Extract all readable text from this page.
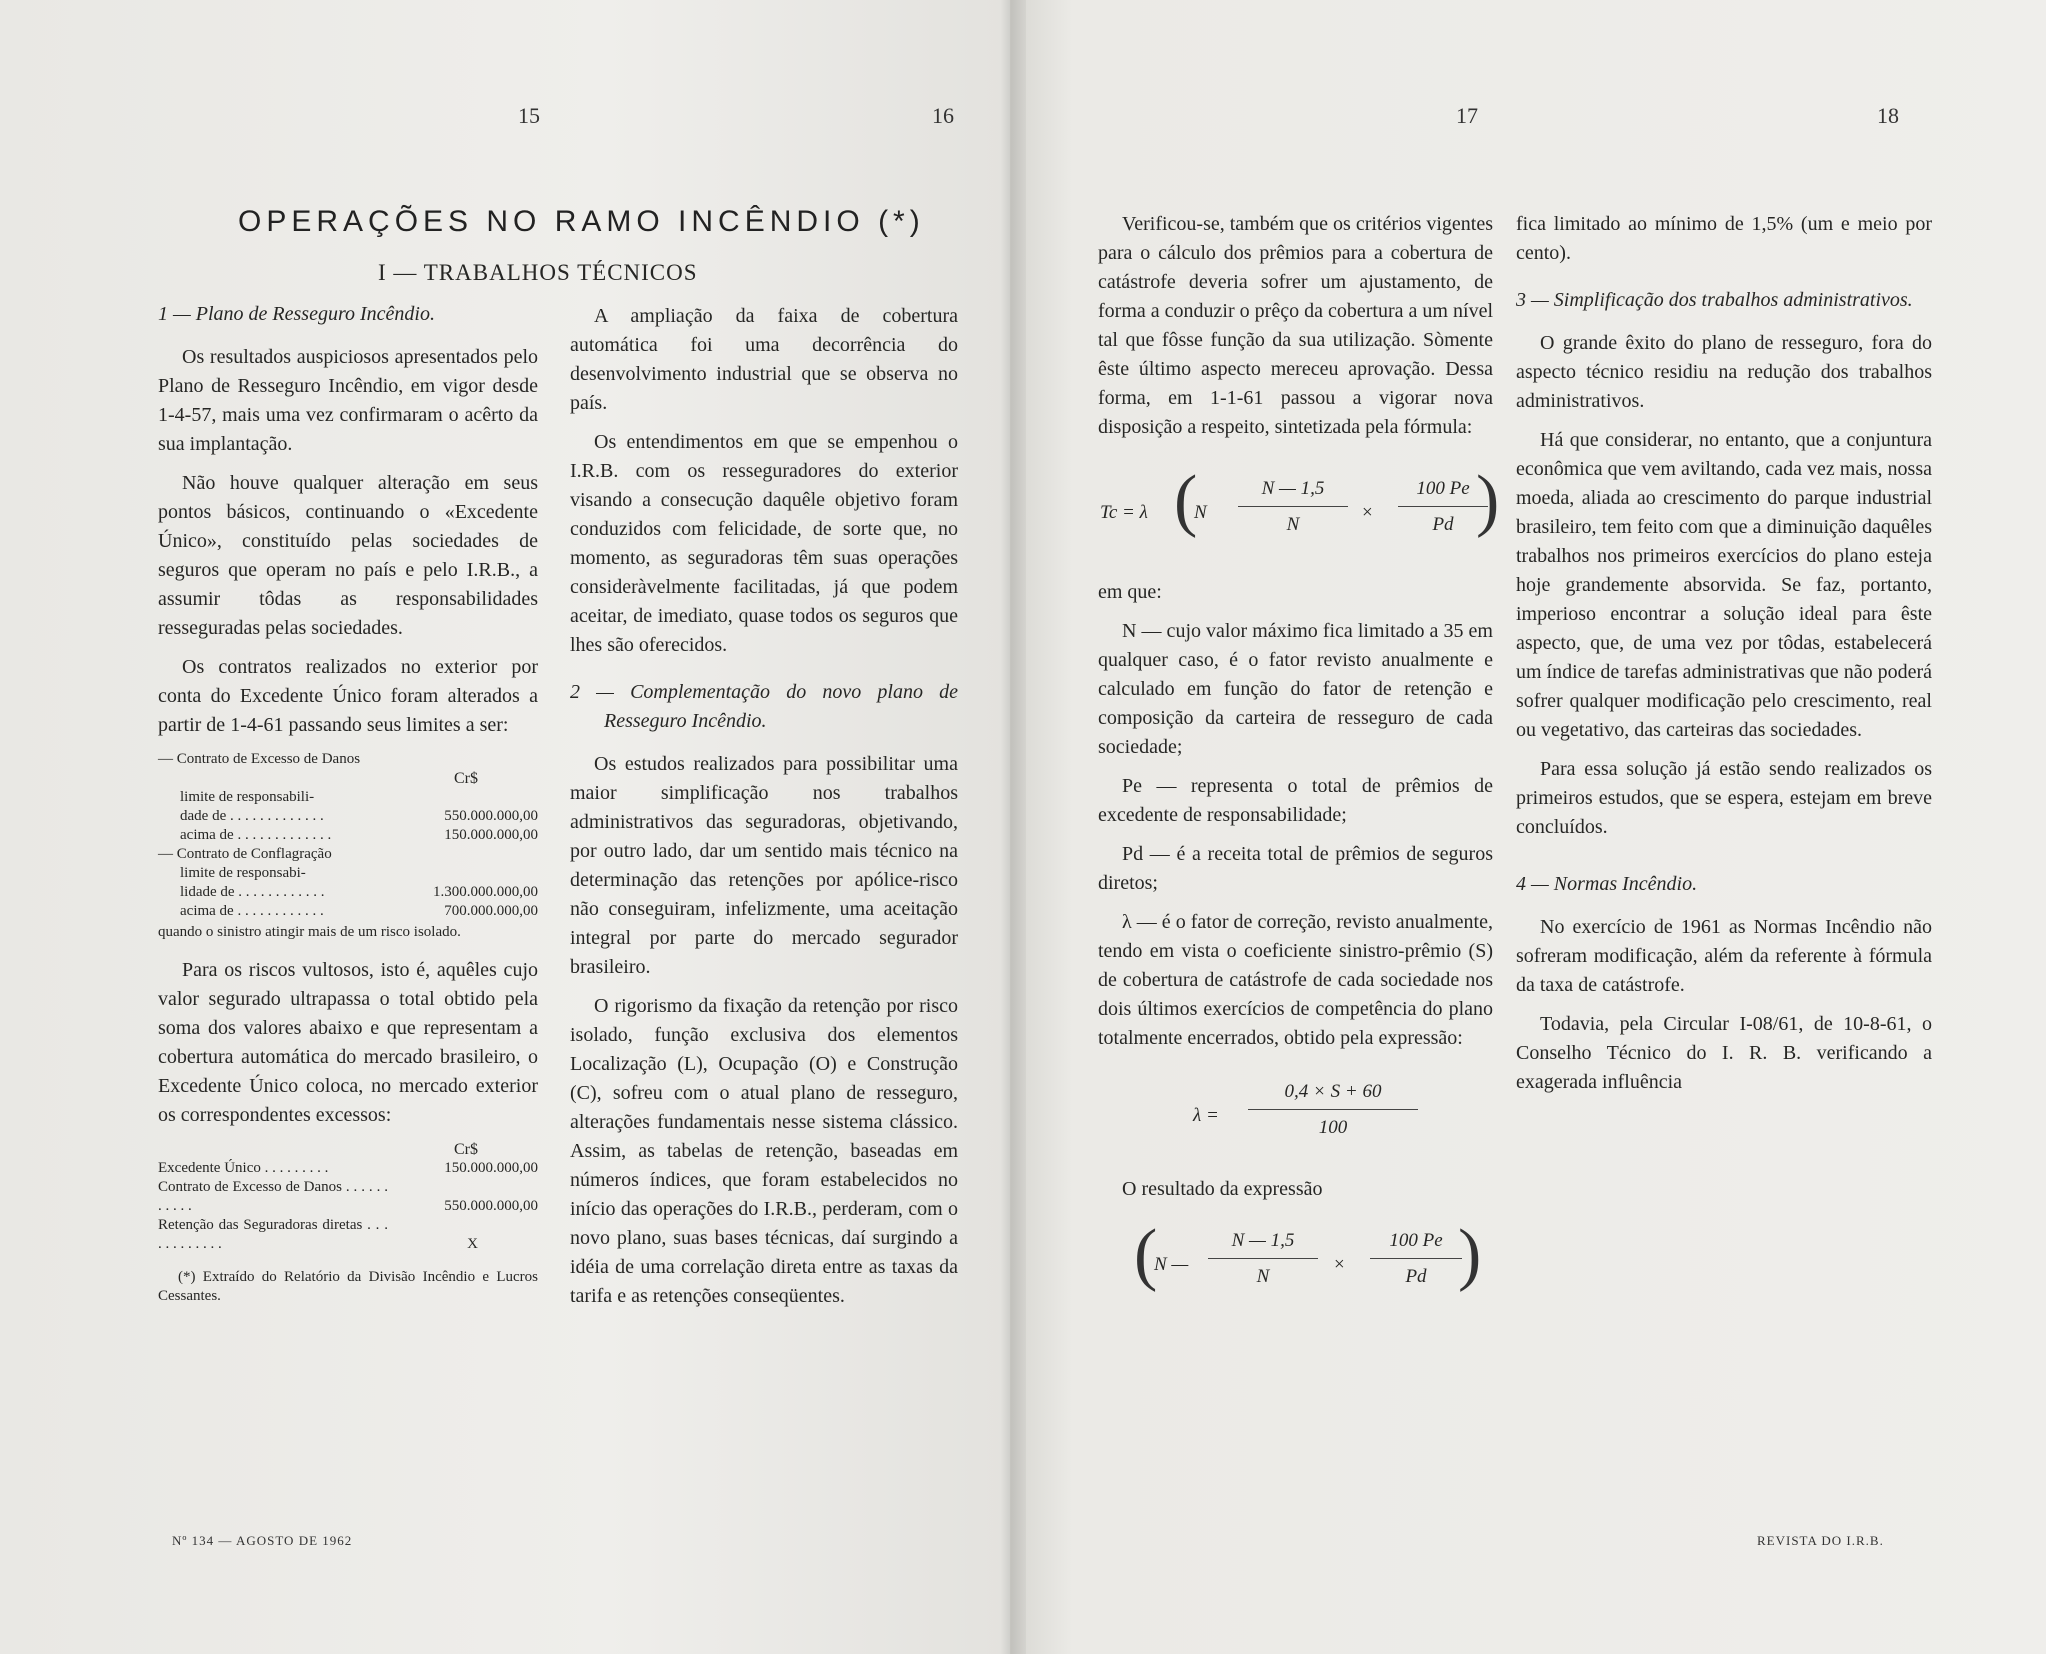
15	16	17	18
OPERAÇÕES NO RAMO INCÊNDIO (*)
I — TRABALHOS TÉCNICOS
1 — Plano de Resseguro Incêndio.

Os resultados auspiciosos apresentados pelo Plano de Resseguro Incêndio, em vigor desde 1-4-57, mais uma vez confirmaram o acêrto da sua implantação.

Não houve qualquer alteração em seus pontos básicos, continuando o «Excedente Único», constituído pelas sociedades de seguros que operam no país e pelo I.R.B., a assumir tôdas as responsabilidades resseguradas pelas sociedades.

Os contratos realizados no exterior por conta do Excedente Único foram alterados a partir de 1-4-61 passando seus limites a ser:

— Contrato de Excesso de Danos
Cr$
limite de responsabili-
dade de . . . . . . . . . . . . .	550.000.000,00
acima de . . . . . . . . . . . . .	150.000.000,00
— Contrato de Conflagração
limite de responsabi-
lidade de . . . . . . . . . . . .	1.300.000.000,00
acima de . . . . . . . . . . . .	700.000.000,00
quando o sinistro atingir mais de um risco isolado.

Para os riscos vultosos, isto é, aquêles cujo valor segurado ultrapassa o total obtido pela soma dos valores abaixo e que representam a cobertura automática do mercado brasileiro, o Excedente Único coloca, no mercado exterior os correspondentes excessos:

Cr$
Excedente Único . . . . . . . . .	150.000.000,00
Contrato de Excesso de Danos . . . . . . . . . . .	550.000.000,00
Retenção das Seguradoras diretas . . . . . . . . . . . .	X
(*) Extraído do Relatório da Divisão Incêndio e Lucros Cessantes.

A ampliação da faixa de cobertura automática foi uma decorrência do desenvolvimento industrial que se observa no país.

Os entendimentos em que se empenhou o I.R.B. com os resseguradores do exterior visando a consecução daquêle objetivo foram conduzidos com felicidade, de sorte que, no momento, as seguradoras têm suas operações consideràvelmente facilitadas, já que podem aceitar, de imediato, quase todos os seguros que lhes são oferecidos.

2 — Complementação do novo plano de Resseguro Incêndio.

Os estudos realizados para possibilitar uma maior simplificação nos trabalhos administrativos das seguradoras, objetivando, por outro lado, dar um sentido mais técnico na determinação das retenções por apólice-risco não conseguiram, infelizmente, uma aceitação integral por parte do mercado segurador brasileiro.

O rigorismo da fixação da retenção por risco isolado, função exclusiva dos elementos Localização (L), Ocupação (O) e Construção (C), sofreu com o atual plano de resseguro, alterações fundamentais nesse sistema clássico. Assim, as tabelas de retenção, baseadas em números índices, que foram estabelecidos no início das operações do I.R.B., perderam, com o novo plano, suas bases técnicas, daí surgindo a idéia de uma correlação direta entre as taxas da tarifa e as retenções conseqüentes.

Verificou-se, também que os critérios vigentes para o cálculo dos prêmios para a cobertura de catástrofe deveria sofrer um ajustamento, de forma a conduzir o prêço da cobertura a um nível tal que fôsse função da sua utilização. Sòmente êste último aspecto mereceu aprovação. Dessa forma, em 1-1-61 passou a vigorar nova disposição a respeito, sintetizada pela fórmula:

Tc = λ (
N $\frac{N — 1,5}{N} \times \frac{100 Pe}{Pd}$
)

em que:

N — cujo valor máximo fica limitado a 35 em qualquer caso, é o fator revisto anualmente e calculado em função do fator de retenção e composição da carteira de resseguro de cada sociedade;

Pe — representa o total de prêmios de excedente de responsabilidade;

Pd — é a receita total de prêmios de seguros diretos;

λ — é o fator de correção, revisto anualmente, tendo em vista o coeficiente sinistro-prêmio (S) de cobertura de catástrofe de cada sociedade nos dois últimos exercícios de competência do plano totalmente encerrados, obtido pela expressão:

$\lambda = \frac{0,4 \times S + 60}{100}$

O resultado da expressão

(
N — $\frac{N — 1,5}{N} \times \frac{100 Pe}{Pd}$
)

fica limitado ao mínimo de 1,5% (um e meio por cento).

3 — Simplificação dos trabalhos administrativos.

O grande êxito do plano de resseguro, fora do aspecto técnico residiu na redução dos trabalhos administrativos.

Há que considerar, no entanto, que a conjuntura econômica que vem aviltando, cada vez mais, nossa moeda, aliada ao crescimento do parque industrial brasileiro, tem feito com que a diminuição daquêles trabalhos nos primeiros exercícios do plano esteja hoje grandemente absorvida. Se faz, portanto, imperioso encontrar a solução ideal para êste aspecto, que, de uma vez por tôdas, estabelecerá um índice de tarefas administrativas que não poderá sofrer qualquer modificação pelo crescimento, real ou vegetativo, das carteiras das sociedades.

Para essa solução já estão sendo realizados os primeiros estudos, que se espera, estejam em breve concluídos.

4 — Normas Incêndio.

No exercício de 1961 as Normas Incêndio não sofreram modificação, além da referente à fórmula da taxa de catástrofe.

Todavia, pela Circular I-08/61, de 10-8-61, o Conselho Técnico do I. R. B. verificando a exagerada influência

Nº 134 — AGOSTO DE 1962	REVISTA DO I.R.B.
